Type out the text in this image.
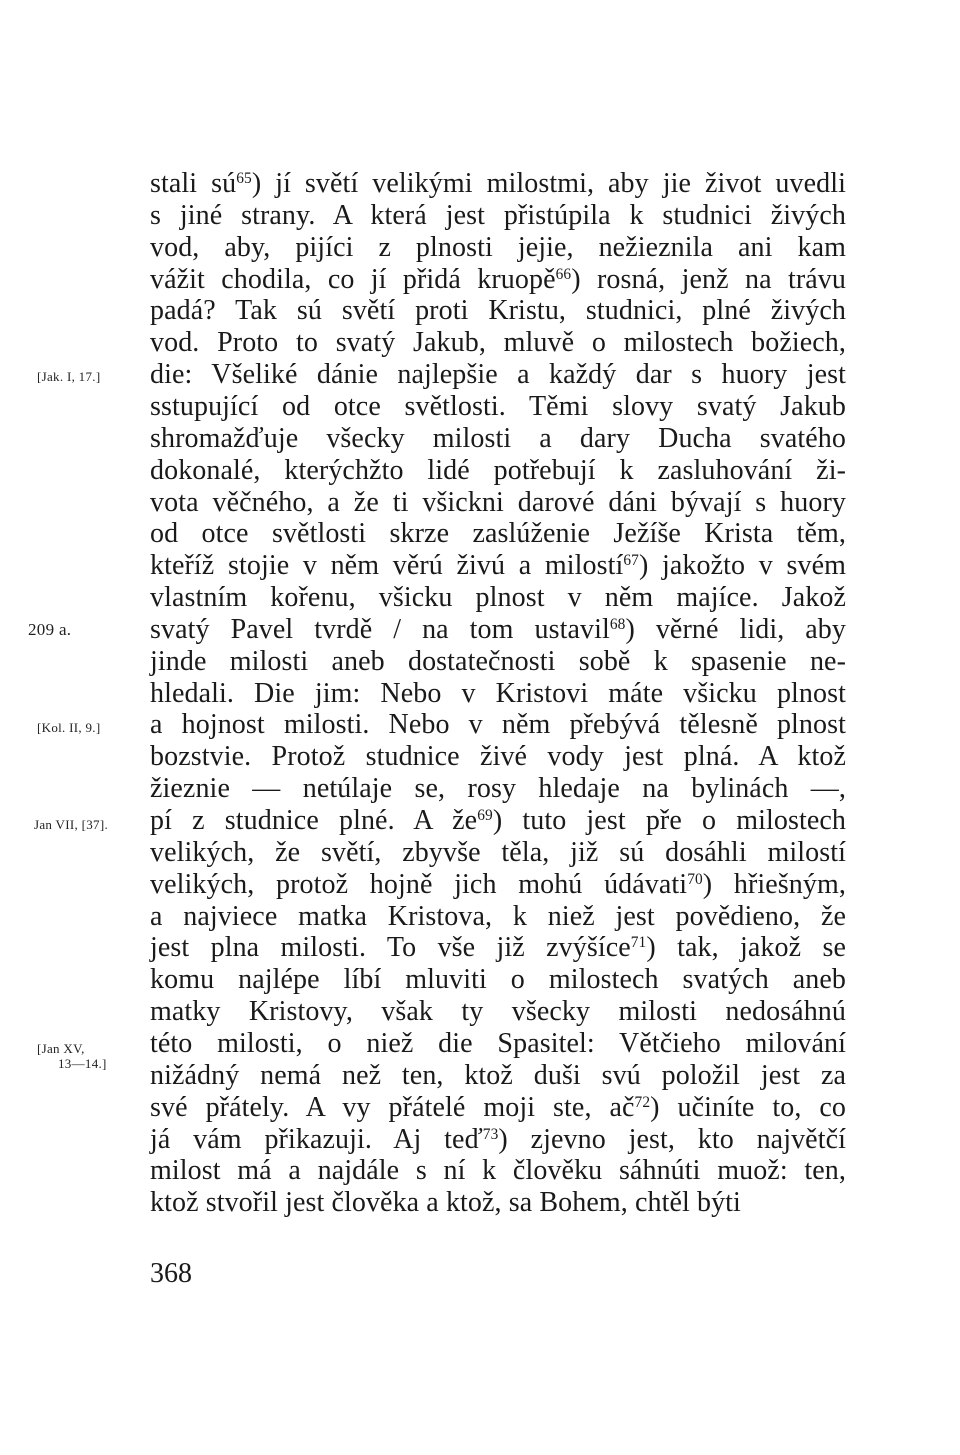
stali $sú^{65}$) jí světí velikými milostmi, aby jie život uvedli
s jiné strany. A která jest přistúpila k studnici živých
vod, aby, pijíci z plnosti jejie, nežieznila ani kam
vážit chodila, co jí přidá kruopě$^{66}$) rosná, jenž na trávu
padá? Tak sú světí proti Kristu, studnici, plné živých
vod. Proto to svatý Jakub, mluvě o milostech božiech,
die: Všeliké dánie najlepšie a každý dar s huory jest
sstupující od otce světlosti. Těmi slovy svatý Jakub
shromažďuje všecky milosti a dary Ducha svatého
dokonalé, kterýchžto lidé potřebují k zasluhování ži-
vota věčného, a že ti všickni darové dáni bývají s huory
od otce světlosti skrze zaslúženie Ježíše Krista těm,
kteříž stojie v něm věrú živú a milostí$^{67}$) jakožto v svém
vlastním kořenu, všicku plnost v něm majíce. Jakož
svatý Pavel tvrdě / na tom ustavil$^{68}$) věrné lidi, aby
jinde milosti aneb dostatečnosti sobě k spasenie ne-
hledali. Die jim: Nebo v Kristovi máte všicku plnost
a hojnost milosti. Nebo v něm přebývá tělesně plnost
bozstvie. Protož studnice živé vody jest plná. A ktož
žieznie — netúlaje se, rosy hledaje na bylinách —,
pí z studnice plné. A $že^{69}$) tuto jest pře o milostech
velikých, že světí, zbyvše těla, již sú dosáhli milostí
velikých, protož hojně jich mohú údávati$^{70}$) hřiešným,
a najviece matka Kristova, k niež jest povědieno, že
jest plna milosti. To vše již zvýšíce$^{71}$) tak, jakož se
komu najlépe líbí mluviti o milostech svatých aneb
matky Kristovy, však ty všecky milosti nedosáhnú
této milosti, o niež die Spasitel: Větčieho milování
nižádný nemá než ten, ktož duši svú položil jest za
své přátely. A vy přátelé moji ste, $ač^{72}$) učiníte to, co
já vám přikazuji. Aj teď$^{73}$) zjevno jest, kto najvětčí
milost má a najdále s ní k člověku sáhnúti muož: ten,
ktož stvořil jest člověka a ktož, sa Bohem, chtěl býti
[Jak. I, 17.]
209 a.
[Kol. II, 9.]
Jan VII, [37].
[Jan XV,
13—14.]
368
